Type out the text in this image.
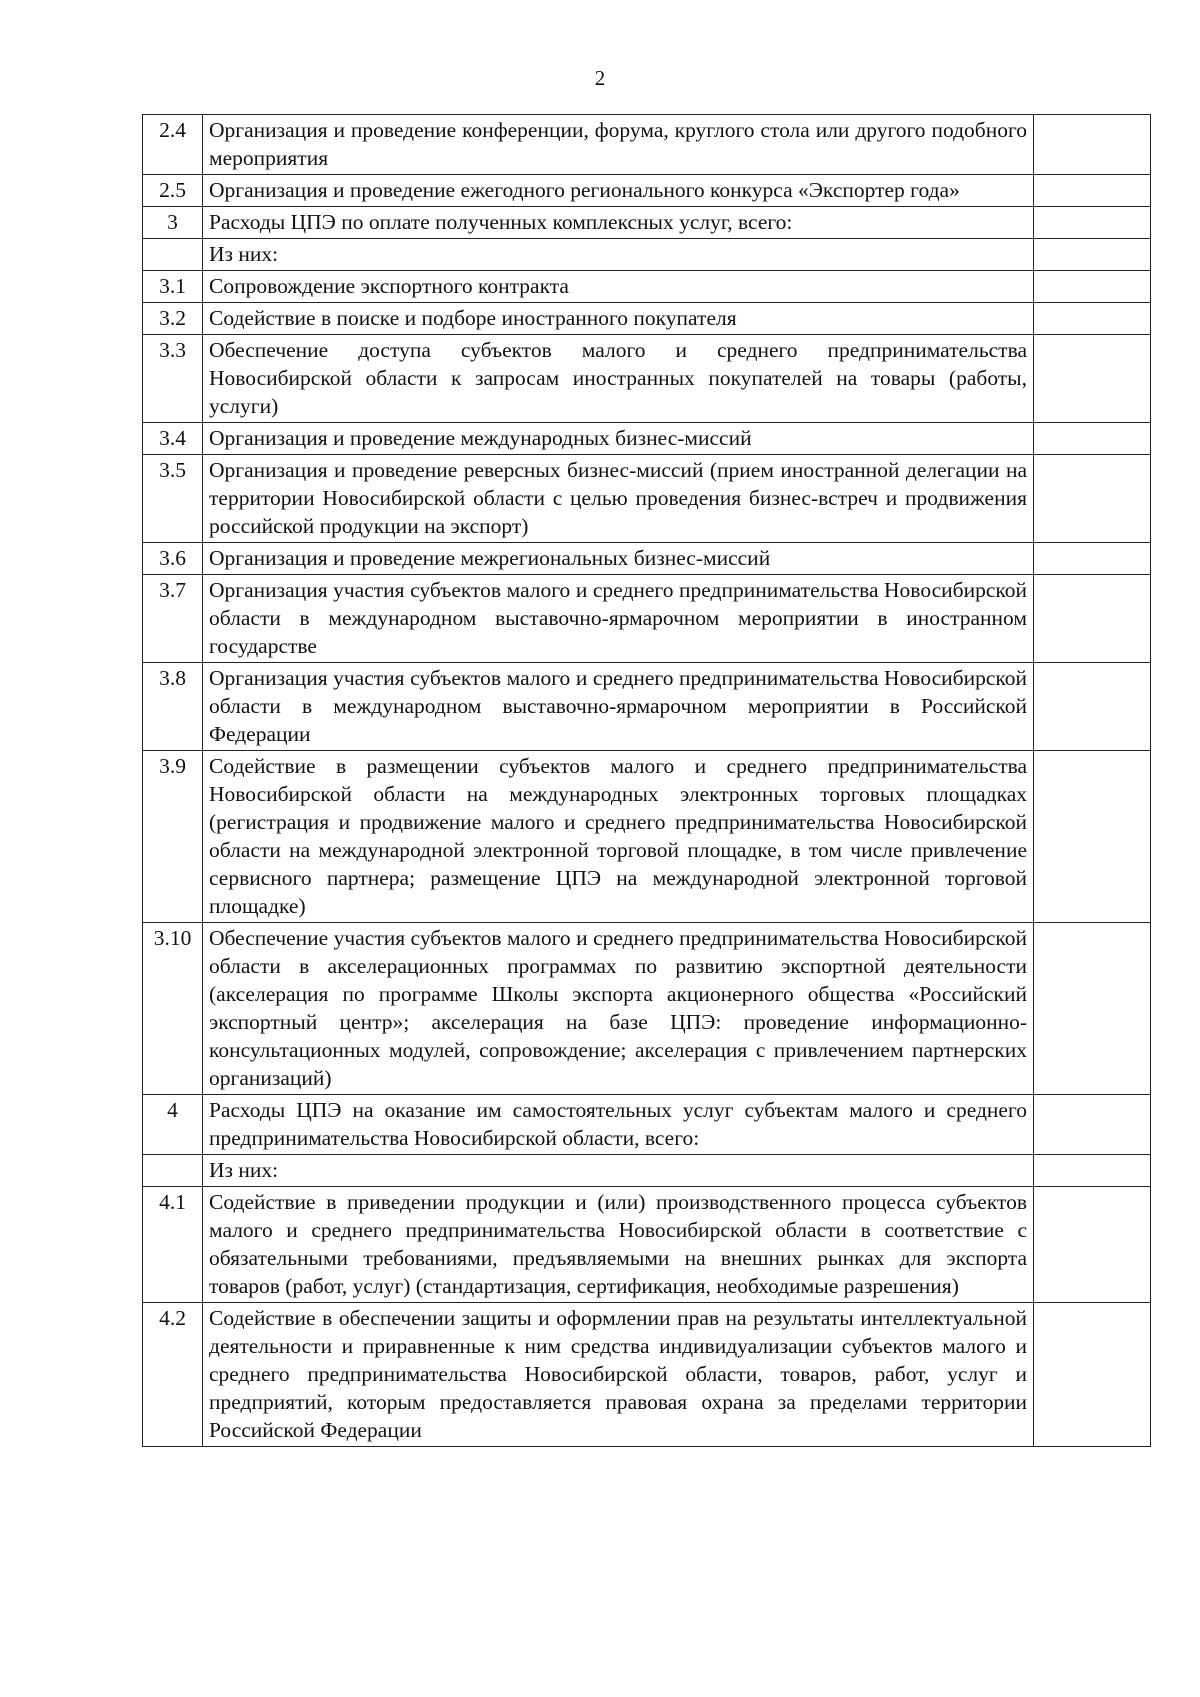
2
2.4	Организация и проведение конференции, форума, круглого стола или другого подобного мероприятия	
2.5	Организация и проведение ежегодного регионального конкурса «Экспортер года»	
3	Расходы ЦПЭ по оплате полученных комплексных услуг, всего:	
	Из них:	
3.1	Сопровождение экспортного контракта	
3.2	Содействие в поиске и подборе иностранного покупателя	
3.3	Обеспечение доступа субъектов малого и среднего предпринимательства Новосибирской области к запросам иностранных покупателей на товары (работы, услуги)	
3.4	Организация и проведение международных бизнес-миссий	
3.5	Организация и проведение реверсных бизнес-миссий (прием иностранной делегации на территории Новосибирской области с целью проведения бизнес-встреч и продвижения российской продукции на экспорт)	
3.6	Организация и проведение межрегиональных бизнес-миссий	
3.7	Организация участия субъектов малого и среднего предпринимательства Новосибирской области в международном выставочно-ярмарочном мероприятии в иностранном государстве	
3.8	Организация участия субъектов малого и среднего предпринимательства Новосибирской области в международном выставочно-ярмарочном мероприятии в Российской Федерации	
3.9	Содействие в размещении субъектов малого и среднего предпринимательства Новосибирской области на международных электронных торговых площадках (регистрация и продвижение малого и среднего предпринимательства Новосибирской области на международной электронной торговой площадке, в том числе привлечение сервисного партнера; размещение ЦПЭ на международной электронной торговой площадке)	
3.10	Обеспечение участия субъектов малого и среднего предпринимательства Новосибирской области в акселерационных программах по развитию экспортной деятельности (акселерация по программе Школы экспорта акционерного общества «Российский экспортный центр»; акселерация на базе ЦПЭ: проведение информационно-консультационных модулей, сопровождение; акселерация с привлечением партнерских организаций)	
4	Расходы ЦПЭ на оказание им самостоятельных услуг субъектам малого и среднего предпринимательства Новосибирской области, всего:	
	Из них:	
4.1	Содействие в приведении продукции и (или) производственного процесса субъектов малого и среднего предпринимательства Новосибирской области в соответствие с обязательными требованиями, предъявляемыми на внешних рынках для экспорта товаров (работ, услуг) (стандартизация, сертификация, необходимые разрешения)	
4.2	Содействие в обеспечении защиты и оформлении прав на результаты интеллектуальной деятельности и приравненные к ним средства индивидуализации субъектов малого и среднего предпринимательства Новосибирской области, товаров, работ, услуг и предприятий, которым предоставляется правовая охрана за пределами территории Российской Федерации	
